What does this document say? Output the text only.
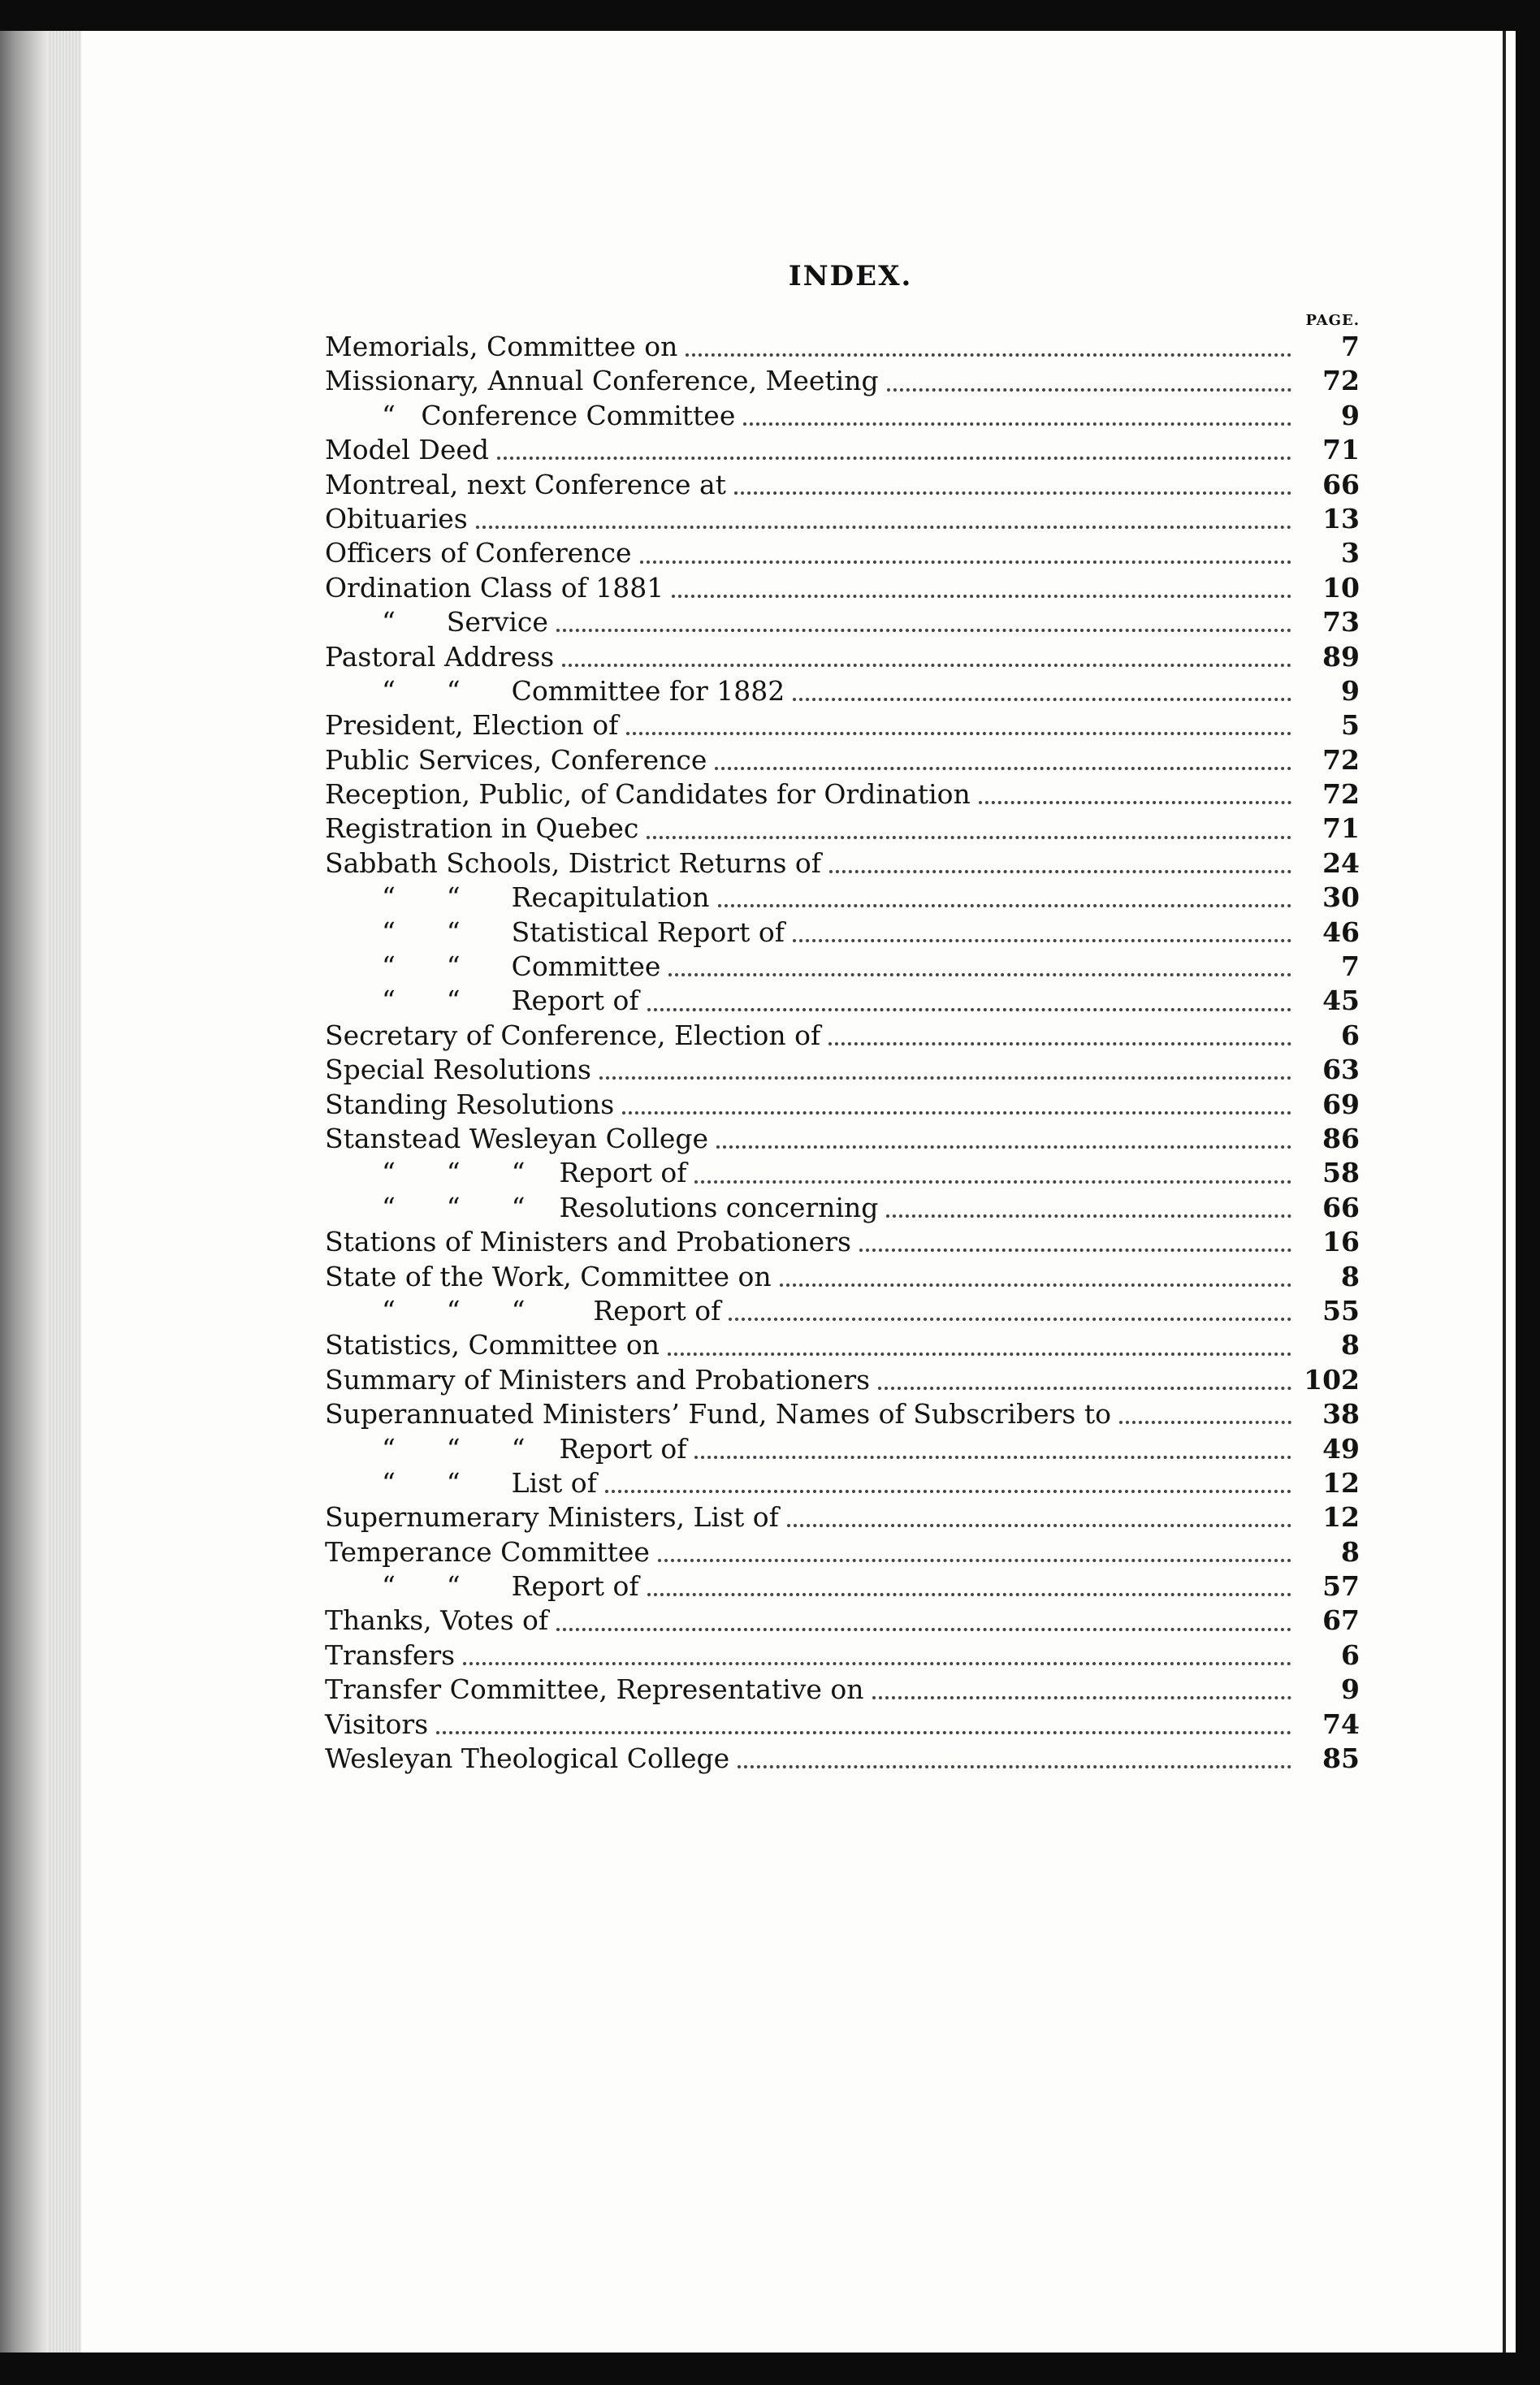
INDEX.
PAGE.
Memorials, Committee on	7
Missionary, Annual Conference, Meeting	72
“   Conference Committee	9
Model Deed	71
Montreal, next Conference at	66
Obituaries	13
Officers of Conference	3
Ordination Class of 1881	10
“      Service	73
Pastoral Address	89
“      “      Committee for 1882	9
President, Election of	5
Public Services, Conference	72
Reception, Public, of Candidates for Ordination	72
Registration in Quebec	71
Sabbath Schools, District Returns of	24
“      “      Recapitulation	30
“      “      Statistical Report of	46
“      “      Committee	7
“      “      Report of	45
Secretary of Conference, Election of	6
Special Resolutions	63
Standing Resolutions	69
Stanstead Wesleyan College	86
“      “      “    Report of	58
“      “      “    Resolutions concerning	66
Stations of Ministers and Probationers	16
State of the Work, Committee on	8
“      “      “        Report of	55
Statistics, Committee on	8
Summary of Ministers and Probationers	102
Superannuated Ministers’ Fund, Names of Subscribers to	38
“      “      “    Report of	49
“      “      List of	12
Supernumerary Ministers, List of	12
Temperance Committee	8
“      “      Report of	57
Thanks, Votes of	67
Transfers	6
Transfer Committee, Representative on	9
Visitors	74
Wesleyan Theological College	85
